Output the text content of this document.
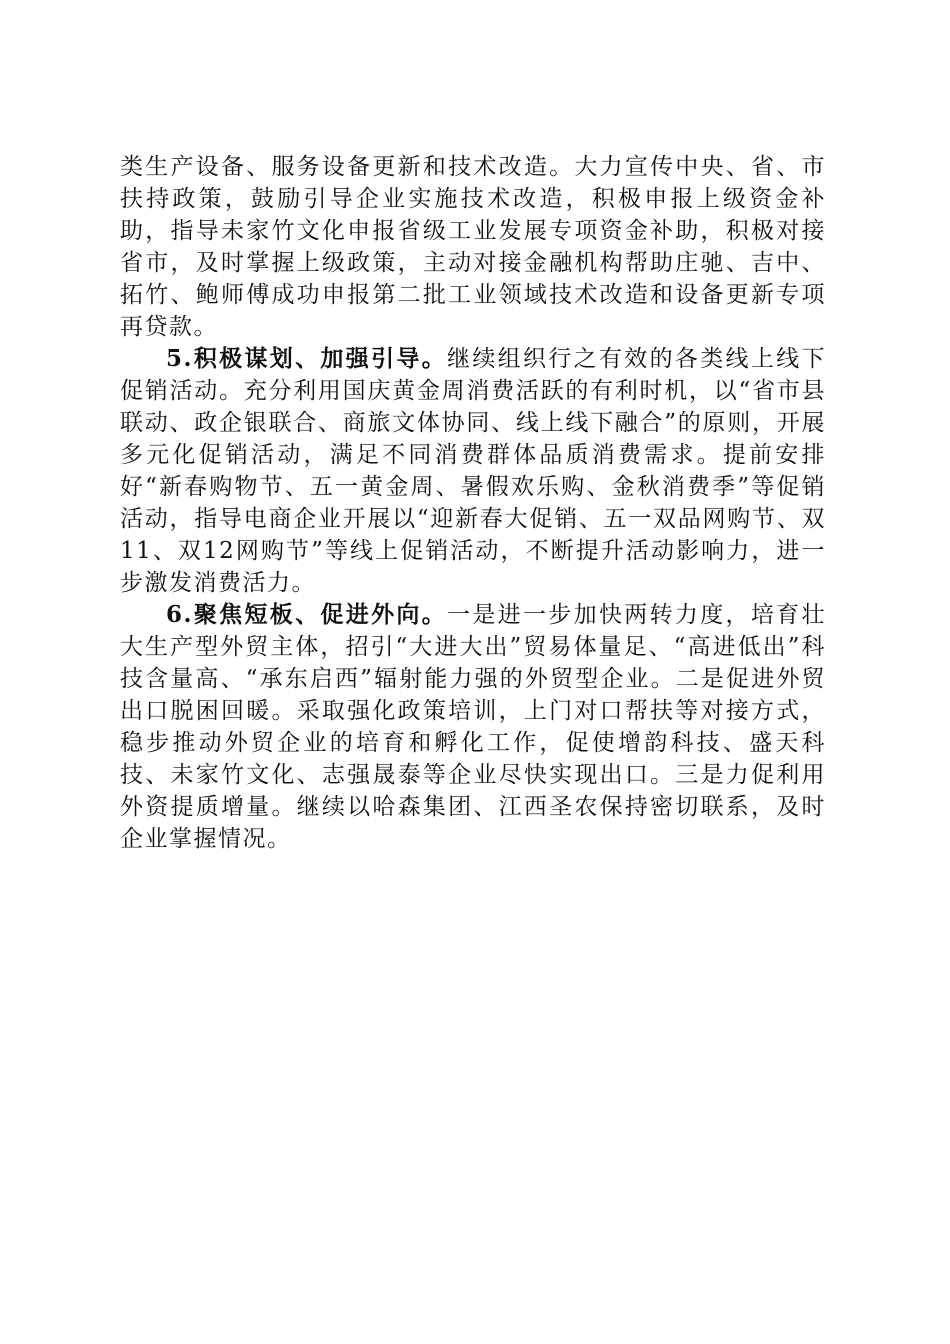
类生产设备、服务设备更新和技术改造。大力宣传中央、省、市扶持政策，鼓励引导企业实施技术改造，积极申报上级资金补助，指导未家竹文化申报省级工业发展专项资金补助，积极对接省市，及时掌握上级政策，主动对接金融机构帮助庄驰、吉中、拓竹、鲍师傅成功申报第二批工业领域技术改造和设备更新专项再贷款。

5.积极谋划、加强引导。继续组织行之有效的各类线上线下促销活动。充分利用国庆黄金周消费活跃的有利时机，以“省市县联动、政企银联合、商旅文体协同、线上线下融合”的原则，开展多元化促销活动，满足不同消费群体品质消费需求。提前安排好“新春购物节、五一黄金周、暑假欢乐购、金秋消费季”等促销活动，指导电商企业开展以“迎新春大促销、五一双品网购节、双11、双12网购节”等线上促销活动，不断提升活动影响力，进一步激发消费活力。

6.聚焦短板、促进外向。一是进一步加快两转力度，培育壮大生产型外贸主体，招引“大进大出”贸易体量足、“高进低出”科技含量高、“承东启西”辐射能力强的外贸型企业。二是促进外贸出口脱困回暖。采取强化政策培训，上门对口帮扶等对接方式，稳步推动外贸企业的培育和孵化工作，促使增韵科技、盛天科技、未家竹文化、志强晟泰等企业尽快实现出口。三是力促利用外资提质增量。继续以哈森集团、江西圣农保持密切联系，及时企业掌握情况。
